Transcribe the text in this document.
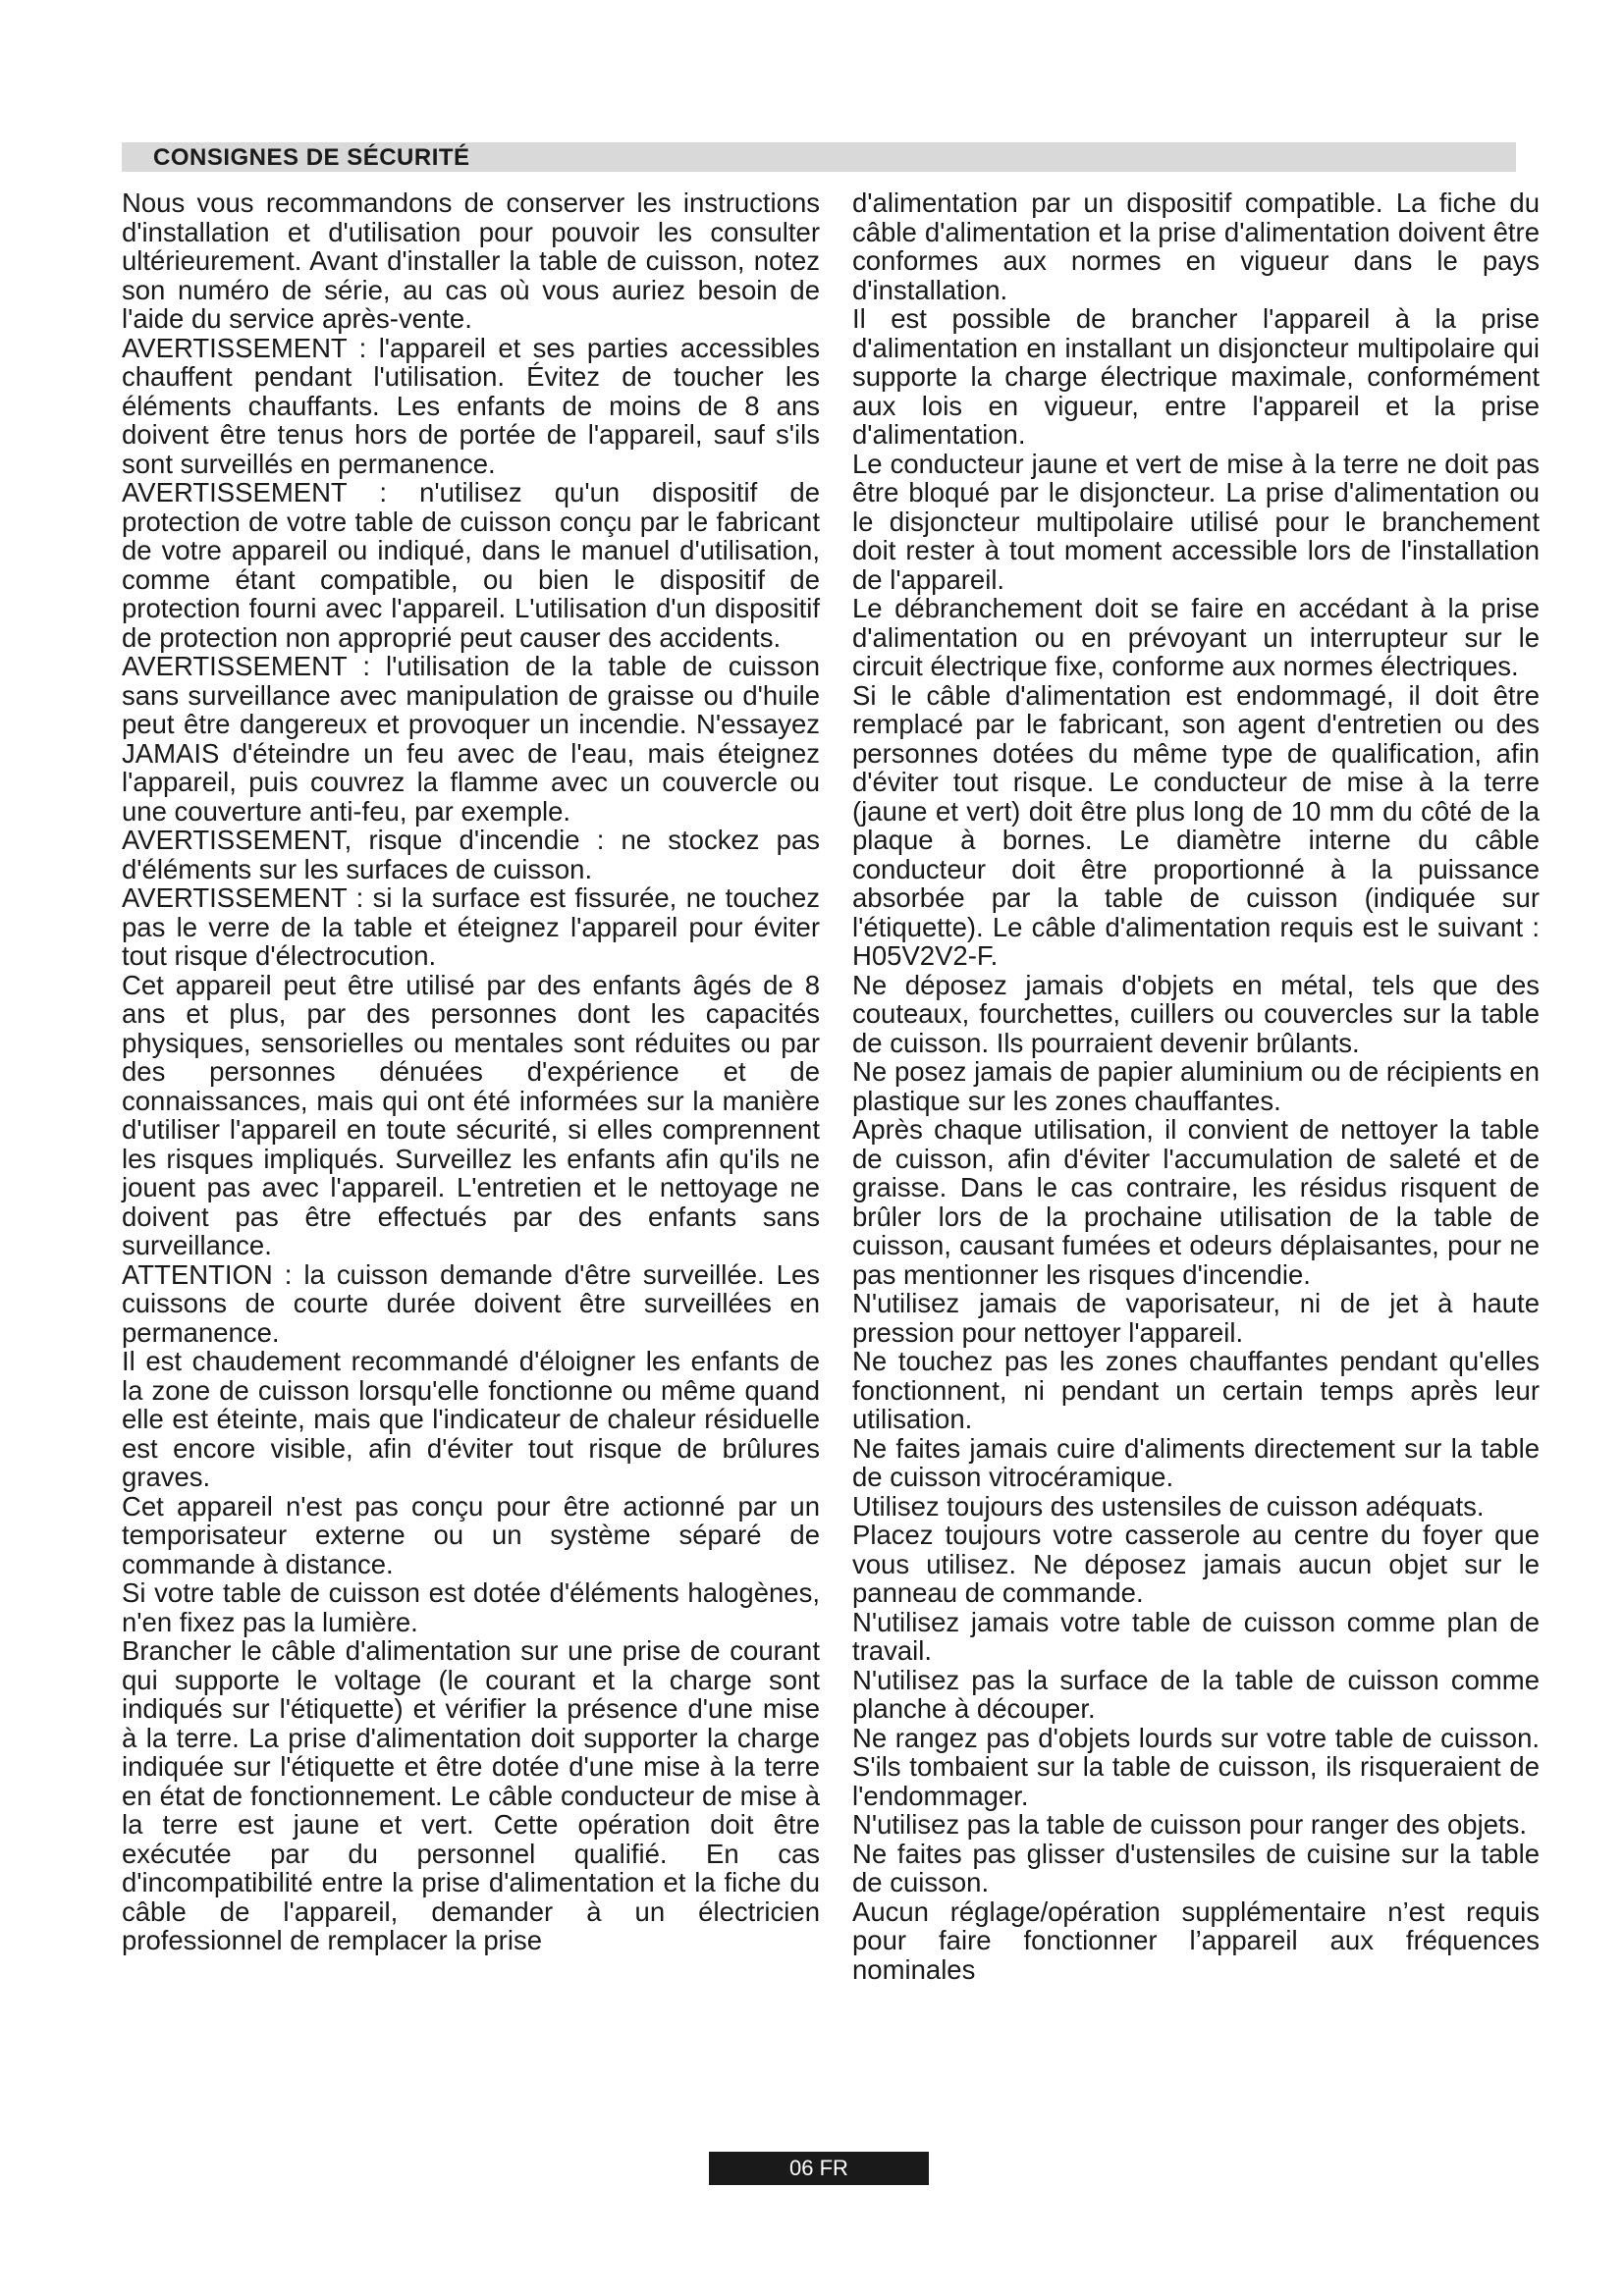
CONSIGNES DE SÉCURITÉ

Nous vous recommandons de conserver les instructions d'installation et d'utilisation pour pouvoir les consulter ultérieurement. Avant d'installer la table de cuisson, notez son numéro de série, au cas où vous auriez besoin de l'aide du service après-vente.

AVERTISSEMENT : l'appareil et ses parties accessibles chauffent pendant l'utilisation. Évitez de toucher les éléments chauffants. Les enfants de moins de 8 ans doivent être tenus hors de portée de l'appareil, sauf s'ils sont surveillés en permanence.

AVERTISSEMENT : n'utilisez qu'un dispositif de protection de votre table de cuisson conçu par le fabricant de votre appareil ou indiqué, dans le manuel d'utilisation, comme étant compatible, ou bien le dispositif de protection fourni avec l'appareil. L'utilisation d'un dispositif de protection non approprié peut causer des accidents.

AVERTISSEMENT : l'utilisation de la table de cuisson sans surveillance avec manipulation de graisse ou d'huile peut être dangereux et provoquer un incendie. N'essayez JAMAIS d'éteindre un feu avec de l'eau, mais éteignez l'appareil, puis couvrez la flamme avec un couvercle ou une couverture anti-feu, par exemple.

AVERTISSEMENT, risque d'incendie : ne stockez pas d'éléments sur les surfaces de cuisson.

AVERTISSEMENT : si la surface est fissurée, ne touchez pas le verre de la table et éteignez l'appareil pour éviter tout risque d'électrocution.

Cet appareil peut être utilisé par des enfants âgés de 8 ans et plus, par des personnes dont les capacités physiques, sensorielles ou mentales sont réduites ou par des personnes dénuées d'expérience et de connaissances, mais qui ont été informées sur la manière d'utiliser l'appareil en toute sécurité, si elles comprennent les risques impliqués. Surveillez les enfants afin qu'ils ne jouent pas avec l'appareil. L'entretien et le nettoyage ne doivent pas être effectués par des enfants sans surveillance.

ATTENTION : la cuisson demande d'être surveillée. Les cuissons de courte durée doivent être surveillées en permanence.

Il est chaudement recommandé d'éloigner les enfants de la zone de cuisson lorsqu'elle fonctionne ou même quand elle est éteinte, mais que l'indicateur de chaleur résiduelle est encore visible, afin d'éviter tout risque de brûlures graves.

Cet appareil n'est pas conçu pour être actionné par un temporisateur externe ou un système séparé de commande à distance.

Si votre table de cuisson est dotée d'éléments halogènes, n'en fixez pas la lumière.

Brancher le câble d'alimentation sur une prise de courant qui supporte le voltage (le courant et la charge sont indiqués sur l'étiquette) et vérifier la présence d'une mise à la terre. La prise d'alimentation doit supporter la charge indiquée sur l'étiquette et être dotée d'une mise à la terre en état de fonctionnement. Le câble conducteur de mise à la terre est jaune et vert. Cette opération doit être exécutée par du personnel qualifié. En cas d'incompatibilité entre la prise d'alimentation et la fiche du câble de l'appareil, demander à un électricien professionnel de remplacer la prise

d'alimentation par un dispositif compatible. La fiche du câble d'alimentation et la prise d'alimentation doivent être conformes aux normes en vigueur dans le pays d'installation.

Il est possible de brancher l'appareil à la prise d'alimentation en installant un disjoncteur multipolaire qui supporte la charge électrique maximale, conformément aux lois en vigueur, entre l'appareil et la prise d'alimentation.

Le conducteur jaune et vert de mise à la terre ne doit pas être bloqué par le disjoncteur. La prise d'alimentation ou le disjoncteur multipolaire utilisé pour le branchement doit rester à tout moment accessible lors de l'installation de l'appareil.

Le débranchement doit se faire en accédant à la prise d'alimentation ou en prévoyant un interrupteur sur le circuit électrique fixe, conforme aux normes électriques.

Si le câble d'alimentation est endommagé, il doit être remplacé par le fabricant, son agent d'entretien ou des personnes dotées du même type de qualification, afin d'éviter tout risque. Le conducteur de mise à la terre (jaune et vert) doit être plus long de 10 mm du côté de la plaque à bornes. Le diamètre interne du câble conducteur doit être proportionné à la puissance absorbée par la table de cuisson (indiquée sur l'étiquette). Le câble d'alimentation requis est le suivant : H05V2V2-F.

Ne déposez jamais d'objets en métal, tels que des couteaux, fourchettes, cuillers ou couvercles sur la table de cuisson. Ils pourraient devenir brûlants.

Ne posez jamais de papier aluminium ou de récipients en plastique sur les zones chauffantes.

Après chaque utilisation, il convient de nettoyer la table de cuisson, afin d'éviter l'accumulation de saleté et de graisse. Dans le cas contraire, les résidus risquent de brûler lors de la prochaine utilisation de la table de cuisson, causant fumées et odeurs déplaisantes, pour ne pas mentionner les risques d'incendie.

N'utilisez jamais de vaporisateur, ni de jet à haute pression pour nettoyer l'appareil.

Ne touchez pas les zones chauffantes pendant qu'elles fonctionnent, ni pendant un certain temps après leur utilisation.

Ne faites jamais cuire d'aliments directement sur la table de cuisson vitrocéramique.

Utilisez toujours des ustensiles de cuisson adéquats.

Placez toujours votre casserole au centre du foyer que vous utilisez. Ne déposez jamais aucun objet sur le panneau de commande.

N'utilisez jamais votre table de cuisson comme plan de travail.

N'utilisez pas la surface de la table de cuisson comme planche à découper.

Ne rangez pas d'objets lourds sur votre table de cuisson. S'ils tombaient sur la table de cuisson, ils risqueraient de l'endommager.

N'utilisez pas la table de cuisson pour ranger des objets.

Ne faites pas glisser d'ustensiles de cuisine sur la table de cuisson.

Aucun réglage/opération supplémentaire n’est requis pour faire fonctionner l’appareil aux fréquences nominales

06 FR
